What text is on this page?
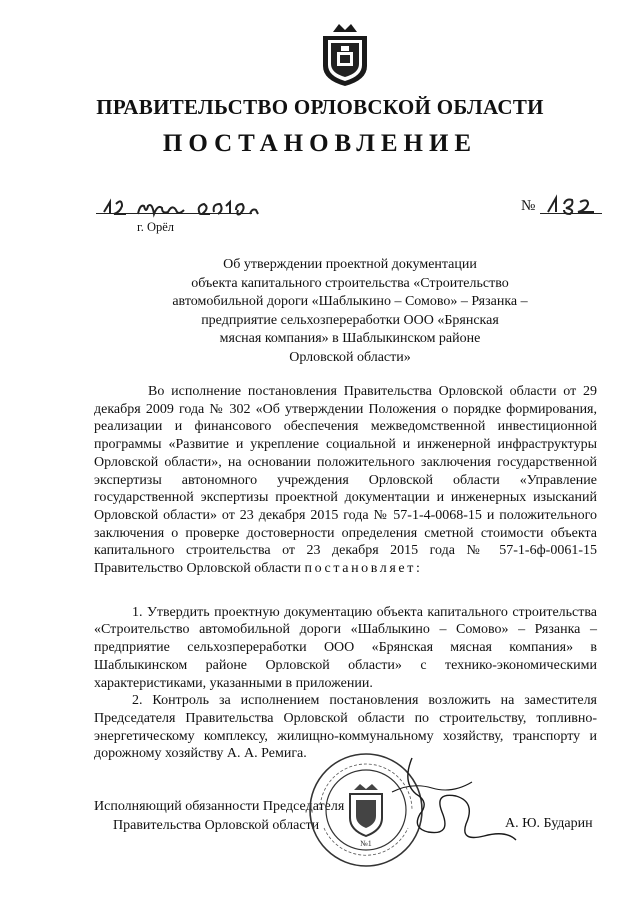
ПРАВИТЕЛЬСТВО ОРЛОВСКОЙ ОБЛАСТИ
ПОСТАНОВЛЕНИЕ
г. Орёл
№
Об утверждении проектной документации
объекта капитального строительства «Строительство
автомобильной дороги «Шаблыкино – Сомово» – Рязанка –
предприятие сельхозпереработки ООО «Брянская
мясная компания» в Шаблыкинском районе
Орловской области»

Во исполнение постановления Правительства Орловской области от 29 декабря 2009 года № 302 «Об утверждении Положения о порядке формирования, реализации и финансового обеспечения межведомственной инвестиционной программы «Развитие и укрепление социальной и инженерной инфраструктуры Орловской области», на основании положительного заключения государственной экспертизы автономного учреждения Орловской области «Управление государственной экспертизы проектной документации и инженерных изысканий Орловской области» от 23 декабря 2015 года № 57-1-4-0068-15 и положительного заключения о проверке достоверности определения сметной стоимости объекта капитального строительства от 23 декабря 2015 года № 57-1-6ф-0061-15 Правительство Орловской области постановляет:

1. Утвердить проектную документацию объекта капитального строительства «Строительство автомобильной дороги «Шаблыкино – Сомово» – Рязанка – предприятие сельхозпереработки ООО «Брянская мясная компания» в Шаблыкинском районе Орловской области» с технико-экономическими характеристиками, указанными в приложении.

2. Контроль за исполнением постановления возложить на заместителя Председателя Правительства Орловской области по строительству, топливно-энергетическому комплексу, жилищно-коммунальному хозяйству, транспорту и дорожному хозяйству А. А. Ремига.

Исполняющий обязанности Председателя
Правительства Орловской области
№1
А. Ю. Бударин
